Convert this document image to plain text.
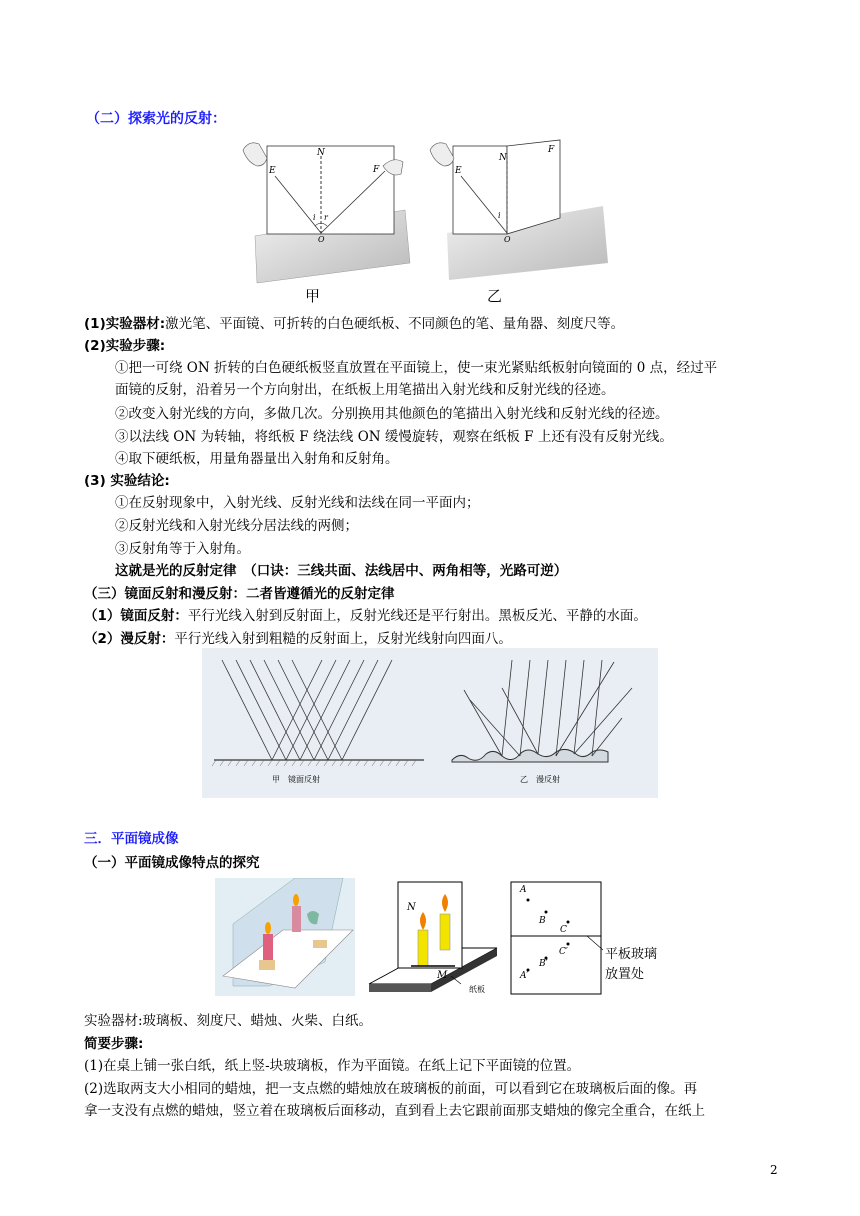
（二）探索光的反射：
N
E	F
i r
O
N
E
F
i
O
甲	乙
(1)实验器材:激光笔、平面镜、可折转的白色硬纸板、不同颜色的笔、量角器、刻度尺等。
(2)实验步骤:
①把一可绕 ON 折转的白色硬纸板竖直放置在平面镜上，使一束光紧贴纸板射向镜面的 0 点，经过平
面镜的反射，沿着另一个方向射出，在纸板上用笔描出入射光线和反射光线的径迹。
②改变入射光线的方向，多做几次。分别换用其他颜色的笔描出入射光线和反射光线的径迹。
③以法线 ON 为转轴，将纸板 F 绕法线 ON 缓慢旋转，观察在纸板 F 上还有没有反射光线。
④取下硬纸板，用量角器量出入射角和反射角。
(3) 实验结论:
①在反射现象中，入射光线、反射光线和法线在同一平面内；
②反射光线和入射光线分居法线的两侧；
③反射角等于入射角。
这就是光的反射定律　（口诀：三线共面、法线居中、两角相等，光路可逆）
（三）镜面反射和漫反射：二者皆遵循光的反射定律
（1）镜面反射：平行光线入射到反射面上，反射光线还是平行射出。黑板反光、平静的水面。
（2）漫反射：平行光线入射到粗糙的反射面上，反射光线射向四面八。
甲　镜面反射	乙　漫反射
三．平面镜成像
（一）平面镜成像特点的探究
N
M
纸板
A
B
C
C′
B′
A′
平板玻璃
放置处
实验器材:玻璃板、刻度尺、蜡烛、火柴、白纸。
简要步骤:
(1)在桌上铺一张白纸，纸上竖-块玻璃板，作为平面镜。在纸上记下平面镜的位置。
(2)选取两支大小相同的蜡烛，把一支点燃的蜡烛放在玻璃板的前面，可以看到它在玻璃板后面的像。再
拿一支没有点燃的蜡烛，竖立着在玻璃板后面移动，直到看上去它跟前面那支蜡烛的像完全重合，在纸上
2
